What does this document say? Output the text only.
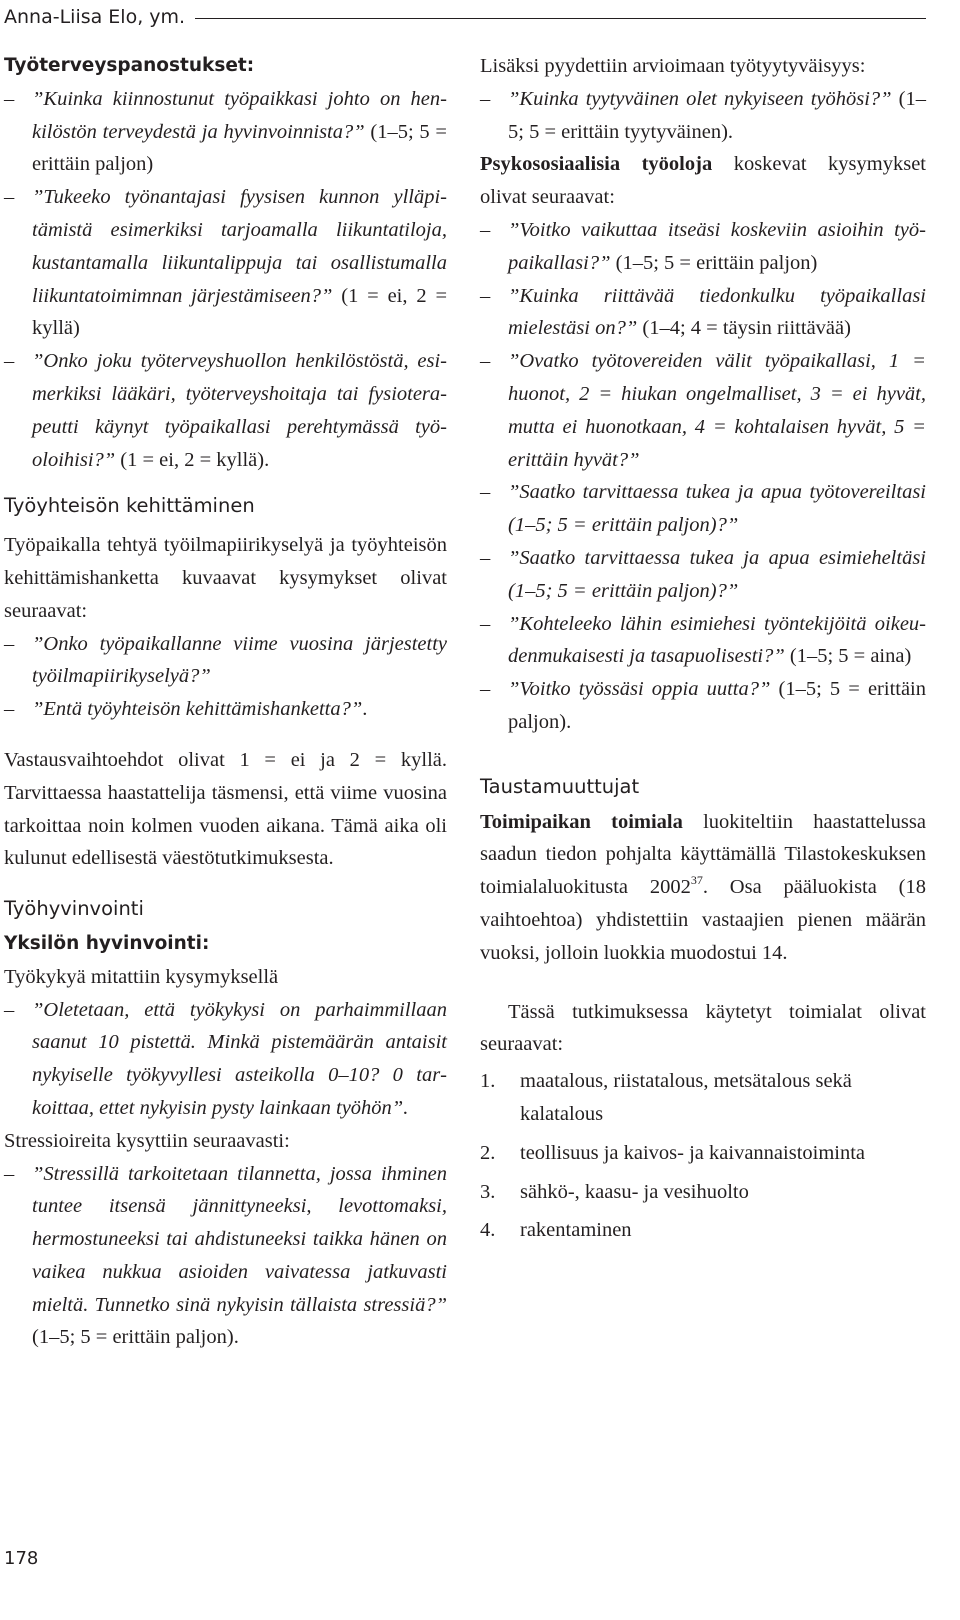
Anna-Liisa Elo, ym.
Työterveyspanostukset:
– ”Kuinka kiinnostunut työpaikkasi johto on henkilöstön terveydestä ja hyvinvoinnista?” (1–5; 5 = erittäin paljon)
– ”Tukeeko työnantajasi fyysisen kunnon ylläpitämistä esimerkiksi tarjoamalla liikuntatiloja, kustantamalla liikuntalippuja tai osallistumalla liikuntatoimimnan järjestämiseen?” (1 = ei, 2 = kyllä)
– ”Onko joku työterveyshuollon henkilöstöstä, esimerkiksi lääkäri, työterveyshoitaja tai fysioterapeutti käynyt työpaikallasi perehtymässä työoloihisi?” (1 = ei, 2 = kyllä).
Työyhteisön kehittäminen

Työpaikalla tehtyä työilmapiirikyselyä ja työyhteisön kehittämishanketta kuvaavat kysymykset olivat seuraavat:

– ”Onko työpaikallanne viime vuosina järjestetty työilmapiirikyselyä?”
– ”Entä työyhteisön kehittämishanketta?”.

Vastausvaihtoehdot olivat 1 = ei ja 2 = kyllä. Tarvittaessa haastattelija täsmensi, että viime vuosina tarkoittaa noin kolmen vuoden aikana. Tämä aika oli kulunut edellisestä väestötutkimuksesta.

Työhyvinvointi
Yksilön hyvinvointi:

Työkykyä mitattiin kysymyksellä

– ”Oletetaan, että työkykysi on parhaimmillaan saanut 10 pistettä. Minkä pistemäärän antaisit nykyiselle työkyvyllesi asteikolla 0–10? 0 tarkoittaa, ettet nykyisin pysty lainkaan työhön”.

Stressioireita kysyttiin seuraavasti:

– ”Stressillä tarkoitetaan tilannetta, jossa ihminen tuntee itsensä jännittyneeksi, levottomaksi, hermostuneeksi tai ahdistuneeksi taikka hänen on vaikea nukkua asioiden vaivatessa jatkuvasti mieltä. Tunnetko sinä nykyisin tällaista stressiä?” (1–5; 5 = erittäin paljon).

Lisäksi pyydettiin arvioimaan työtyytyväisyys:

– ”Kuinka tyytyväinen olet nykyiseen työhösi?” (1–5; 5 = erittäin tyytyväinen).

Psykososiaalisia työoloja koskevat kysymykset olivat seuraavat:

– ”Voitko vaikuttaa itseäsi koskeviin asioihin työpaikallasi?” (1–5; 5 = erittäin paljon)
– ”Kuinka riittävää tiedonkulku työpaikallasi mielestäsi on?” (1–4; 4 = täysin riittävää)
– ”Ovatko työtovereiden välit työpaikallasi, 1 = huonot, 2 = hiukan ongelmalliset, 3 = ei hyvät, mutta ei huonotkaan, 4 = kohtalaisen hyvät, 5 = erittäin hyvät?”
– ”Saatko tarvittaessa tukea ja apua työtovereiltasi (1–5; 5 = erittäin paljon)?”
– ”Saatko tarvittaessa tukea ja apua esimieheltäsi (1–5; 5 = erittäin paljon)?”
– ”Kohteleeko lähin esimiehesi työntekijöitä oikeudenmukaisesti ja tasapuolisesti?” (1–5; 5 = aina)
– ”Voitko työssäsi oppia uutta?” (1–5; 5 = erittäin paljon).
Taustamuuttujat

Toimipaikan toimiala luokiteltiin haastattelussa saadun tiedon pohjalta käyttämällä Tilastokeskuksen toimialaluokitusta 2002$^{37}$. Osa pääluokista (18 vaihtoehtoa) yhdistettiin vastaajien pienen määrän vuoksi, jolloin luokkia muodostui 14.

Tässä tutkimuksessa käytetyt toimialat olivat seuraavat:

1. maatalous, riistatalous, metsätalous sekä kalatalous
2. teollisuus ja kaivos- ja kaivannaistoiminta
3. sähkö-, kaasu- ja vesihuolto
4. rakentaminen
178
